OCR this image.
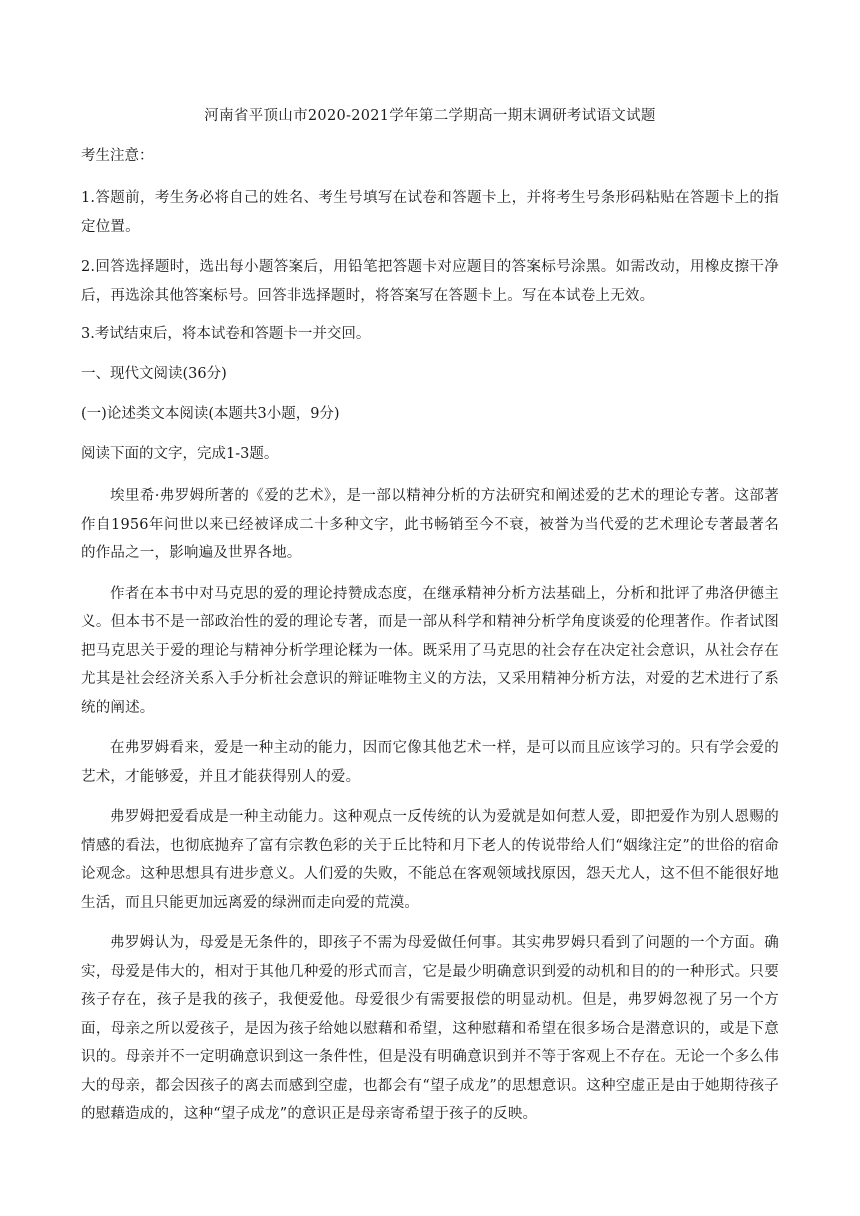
河南省平顶山市2020-2021学年第二学期高一期末调研考试语文试题
考生注意：
1.答题前，考生务必将自己的姓名、考生号填写在试卷和答题卡上，并将考生号条形码粘贴在答题卡上的指定位置。
2.回答选择题时，选出每小题答案后，用铅笔把答题卡对应题目的答案标号涂黑。如需改动，用橡皮擦干净后，再选涂其他答案标号。回答非选择题时，将答案写在答题卡上。写在本试卷上无效。
3.考试结束后，将本试卷和答题卡一并交回。
一、现代文阅读(36分)
(一)论述类文本阅读(本题共3小题，9分)
阅读下面的文字，完成1-3题。
埃里希·弗罗姆所著的《爱的艺术》，是一部以精神分析的方法研究和阐述爱的艺术的理论专著。这部著作自1956年问世以来已经被译成二十多种文字，此书畅销至今不衰，被誉为当代爱的艺术理论专著最著名的作品之一，影响遍及世界各地。
作者在本书中对马克思的爱的理论持赞成态度，在继承精神分析方法基础上，分析和批评了弗洛伊德主义。但本书不是一部政治性的爱的理论专著，而是一部从科学和精神分析学角度谈爱的伦理著作。作者试图把马克思关于爱的理论与精神分析学理论糅为一体。既采用了马克思的社会存在决定社会意识，从社会存在尤其是社会经济关系入手分析社会意识的辩证唯物主义的方法，又采用精神分析方法，对爱的艺术进行了系统的阐述。
在弗罗姆看来，爱是一种主动的能力，因而它像其他艺术一样，是可以而且应该学习的。只有学会爱的艺术，才能够爱，并且才能获得别人的爱。
弗罗姆把爱看成是一种主动能力。这种观点一反传统的认为爱就是如何惹人爱，即把爱作为别人恩赐的情感的看法，也彻底抛弃了富有宗教色彩的关于丘比特和月下老人的传说带给人们“姻缘注定”的世俗的宿命论观念。这种思想具有进步意义。人们爱的失败，不能总在客观领域找原因，怨天尤人，这不但不能很好地生活，而且只能更加远离爱的绿洲而走向爱的荒漠。
弗罗姆认为，母爱是无条件的，即孩子不需为母爱做任何事。其实弗罗姆只看到了问题的一个方面。确实，母爱是伟大的，相对于其他几种爱的形式而言，它是最少明确意识到爱的动机和目的的一种形式。只要孩子存在，孩子是我的孩子，我便爱他。母爱很少有需要报偿的明显动机。但是，弗罗姆忽视了另一个方面，母亲之所以爱孩子，是因为孩子给她以慰藉和希望，这种慰藉和希望在很多场合是潜意识的，或是下意识的。母亲并不一定明确意识到这一条件性，但是没有明确意识到并不等于客观上不存在。无论一个多么伟大的母亲，都会因孩子的离去而感到空虚，也都会有“望子成龙”的思想意识。这种空虚正是由于她期待孩子的慰藉造成的，这种“望子成龙”的意识正是母亲寄希望于孩子的反映。
